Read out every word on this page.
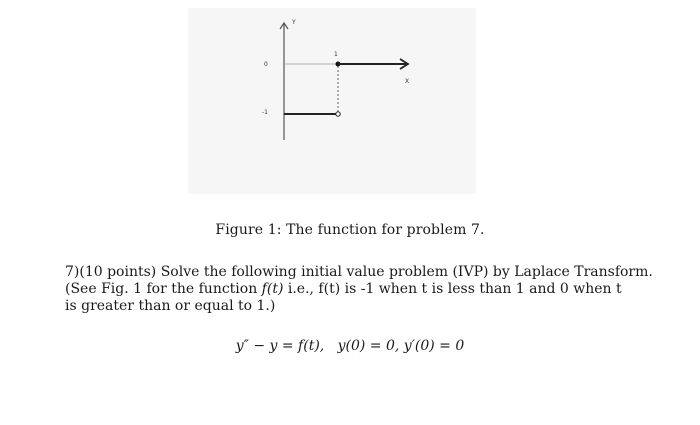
Y
0
-1
1
X
Figure 1: The function for problem 7.
7)(10 points) Solve the following initial value problem (IVP) by Laplace Transform.
(See Fig. 1 for the function f(t) i.e., f(t) is -1 when t is less than 1 and 0 when t
is greater than or equal to 1.)
y″ − y = f(t), y(0) = 0, y′(0) = 0
